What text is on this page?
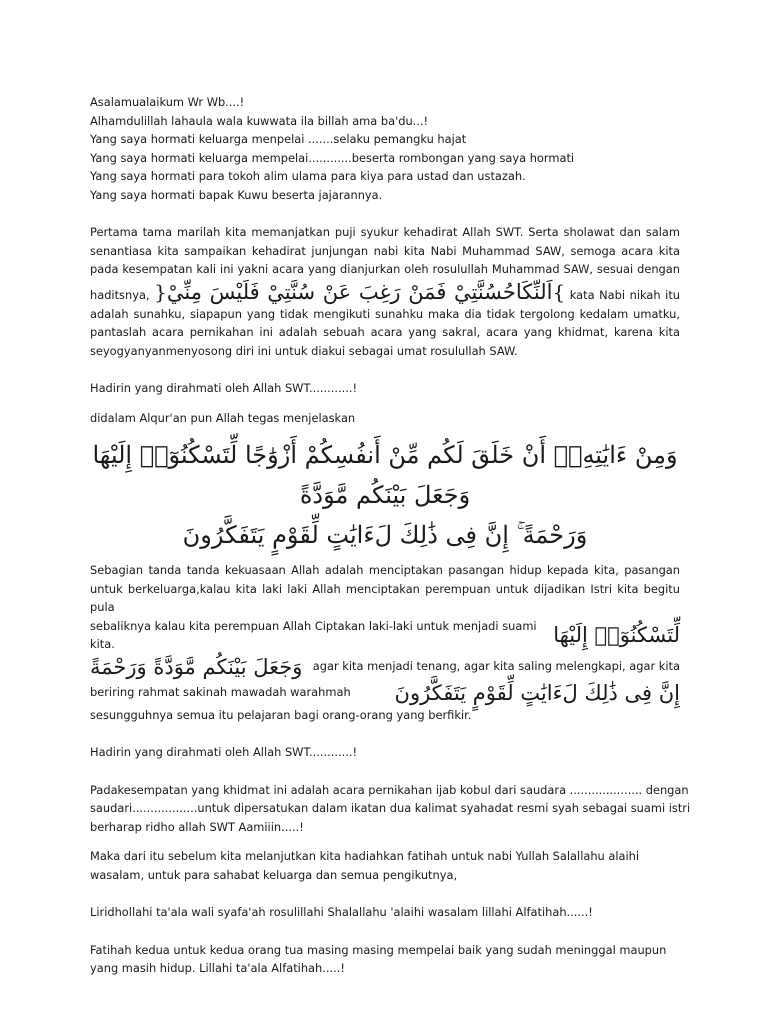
Asalamualaikum Wr Wb....!
Alhamdulillah lahaula wala kuwwata ila billah ama ba'du...!
Yang saya hormati keluarga menpelai .......selaku pemangku hajat
Yang saya hormati keluarga mempelai............beserta rombongan yang saya hormati
Yang saya hormati para tokoh alim ulama para kiya para ustad dan ustazah.
Yang saya hormati bapak Kuwu beserta jajarannya.

Pertama tama marilah kita memanjatkan puji syukur kehadirat Allah SWT. Serta sholawat dan salam senantiasa kita sampaikan kehadirat junjungan nabi kita Nabi Muhammad SAW, semoga acara kita pada kesempatan kali ini yakni acara yang dianjurkan oleh rosulullah Muhammad SAW, sesuai dengan haditsnya, {اَلنِّكَاحُسُنَّتِيْ فَمَنْ رَغِبَ عَنْ سُنَّتِيْ فَلَيْسَ مِنِّيْ} kata Nabi nikah itu adalah sunahku, siapapun yang tidak mengikuti sunahku maka dia tidak tergolong kedalam umatku, pantaslah acara pernikahan ini adalah sebuah acara yang sakral, acara yang khidmat, karena kita seyogyanyanmenyosong diri ini untuk diakui sebagai umat rosulullah SAW.

Hadirin yang dirahmati oleh Allah SWT............!

didalam Alqur'an pun Allah tegas menjelaskan

وَمِنْ ءَايَٰتِهِۦٓ أَنْ خَلَقَ لَكُم مِّنْ أَنفُسِكُمْ أَزْوَٰجًا لِّتَسْكُنُوٓا۟ إِلَيْهَا وَجَعَلَ بَيْنَكُم مَّوَدَّةً
وَرَحْمَةً ۚ إِنَّ فِى ذَٰلِكَ لَءَايَٰتٍ لِّقَوْمٍ يَتَفَكَّرُونَ

Sebagian tanda tanda kekuasaan Allah adalah menciptakan pasangan hidup kepada kita, pasangan untuk berkeluarga,kalau kita laki laki Allah menciptakan perempuan untuk dijadikan Istri kita begitu pula

sebaliknya kalau kita perempuan Allah Ciptakan laki-laki untuk menjadi suami kita.	لِّتَسْكُنُوٓا۟ إِلَيْهَا
وَجَعَلَ بَيْنَكُم مَّوَدَّةً وَرَحْمَةً agar kita menjadi tenang, agar kita saling melengkapi, agar kita
beriring rahmat sakinah mawadah warahmah إِنَّ فِى ذَٰلِكَ لَءَايَٰتٍ لِّقَوْمٍ يَتَفَكَّرُونَ
sesungguhnya semua itu pelajaran bagi orang-orang yang berfikir.

Hadirin yang dirahmati oleh Allah SWT............!

Padakesempatan yang khidmat ini adalah acara pernikahan ijab kobul dari saudara .................... dengan
saudari..................untuk dipersatukan dalam ikatan dua kalimat syahadat resmi syah sebagai suami istri
berharap ridho allah SWT Aamiiin.....!
Maka dari itu sebelum kita melanjutkan kita hadiahkan fatihah untuk nabi Yullah Salallahu alaihi
wasalam, untuk para sahabat keluarga dan semua pengikutnya,

Liridhollahi ta'ala wali syafa'ah rosulillahi Shalallahu 'alaihi wasalam lillahi Alfatihah......!

Fatihah kedua untuk kedua orang tua masing masing mempelai baik yang sudah meninggal maupun
yang masih hidup. Lillahi ta'ala Alfatihah.....!
